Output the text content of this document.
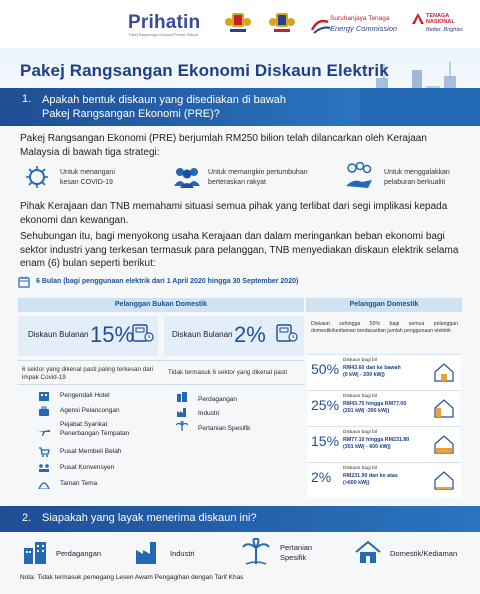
Prihatin
Pakej Rangsangan Ekonomi Prihatin Rakyat
Suruhanjaya Tenaga
Energy Commission
TENAGA NASIONAL
Better. Brighter.
Pakej Rangsangan Ekonomi Diskaun Elektrik
1. Apakah bentuk diskaun yang disediakan di bawah
Pakej Rangsangan Ekonomi (PRE)?
Pakej Rangsangan Ekonomi (PRE) berjumlah RM250 bilion telah dilancarkan oleh Kerajaan Malaysia di bawah tiga strategi:
Untuk menangani
kesan COVID-19
Untuk memangkin pertumbuhan
berteraskan rakyat
Untuk menggalakkan
pelaburan berkualiti
Pihak Kerajaan dan TNB memahami situasi semua pihak yang terlibat dari segi implikasi kepada ekonomi dan kewangan.
Sehubungan itu, bagi menyokong usaha Kerajaan dan dalam meringankan beban ekonomi bagi sektor industri yang terkesan termasuk para pelanggan, TNB menyediakan diskaun elektrik selama enam (6) bulan seperti berikut:
6 Bulan (bagi penggunaan elektrik dari 1 April 2020 hingga 30 September 2020)
Pelanggan Bukan Domestik	Pelanggan Domestik
Diskaun Bulanan 15%	Diskaun Bulanan 2%
6 sektor yang dikenal pasti paling terkesan dari impak Covid-19
Tidak termasuk 6 sektor yang dikenal pasti
Pengendali Hotel
Agensi Pelancongan
Pejabat Syarikat
Penerbangan Tempatan
Pusat Membeli Belah
Pusat Konvensyen
Taman Tema
Perdagangan
Industri
Pertanian Spesifik
Diskaun sehingga 50% bagi semua pelanggan domestik/kediaman berdasarkan jumlah penggunaan elektrik
50%
Diskaun bagi bil
RM43.60 dan ke bawah
(0 kWj - 200 kWj)
25%
Diskaun bagi bil
RM43.70 hingga RM77.00
(201 kWj -300 kWj)
15%
Diskaun bagi bil
RM77.10 hingga RM231.80
(301 kWj - 600 kWj)
2%
Diskaun bagi bil
RM231.90 dan ke atas
(>600 kWj)
2. Siapakah yang layak menerima diskaun ini?
Perdagangan	Industri
Pertanian
Spesifik	Domestik/Kediaman
Nota: Tidak termasuk pemegang Lesen Awam Pengagihan dengan Tarif Khas
